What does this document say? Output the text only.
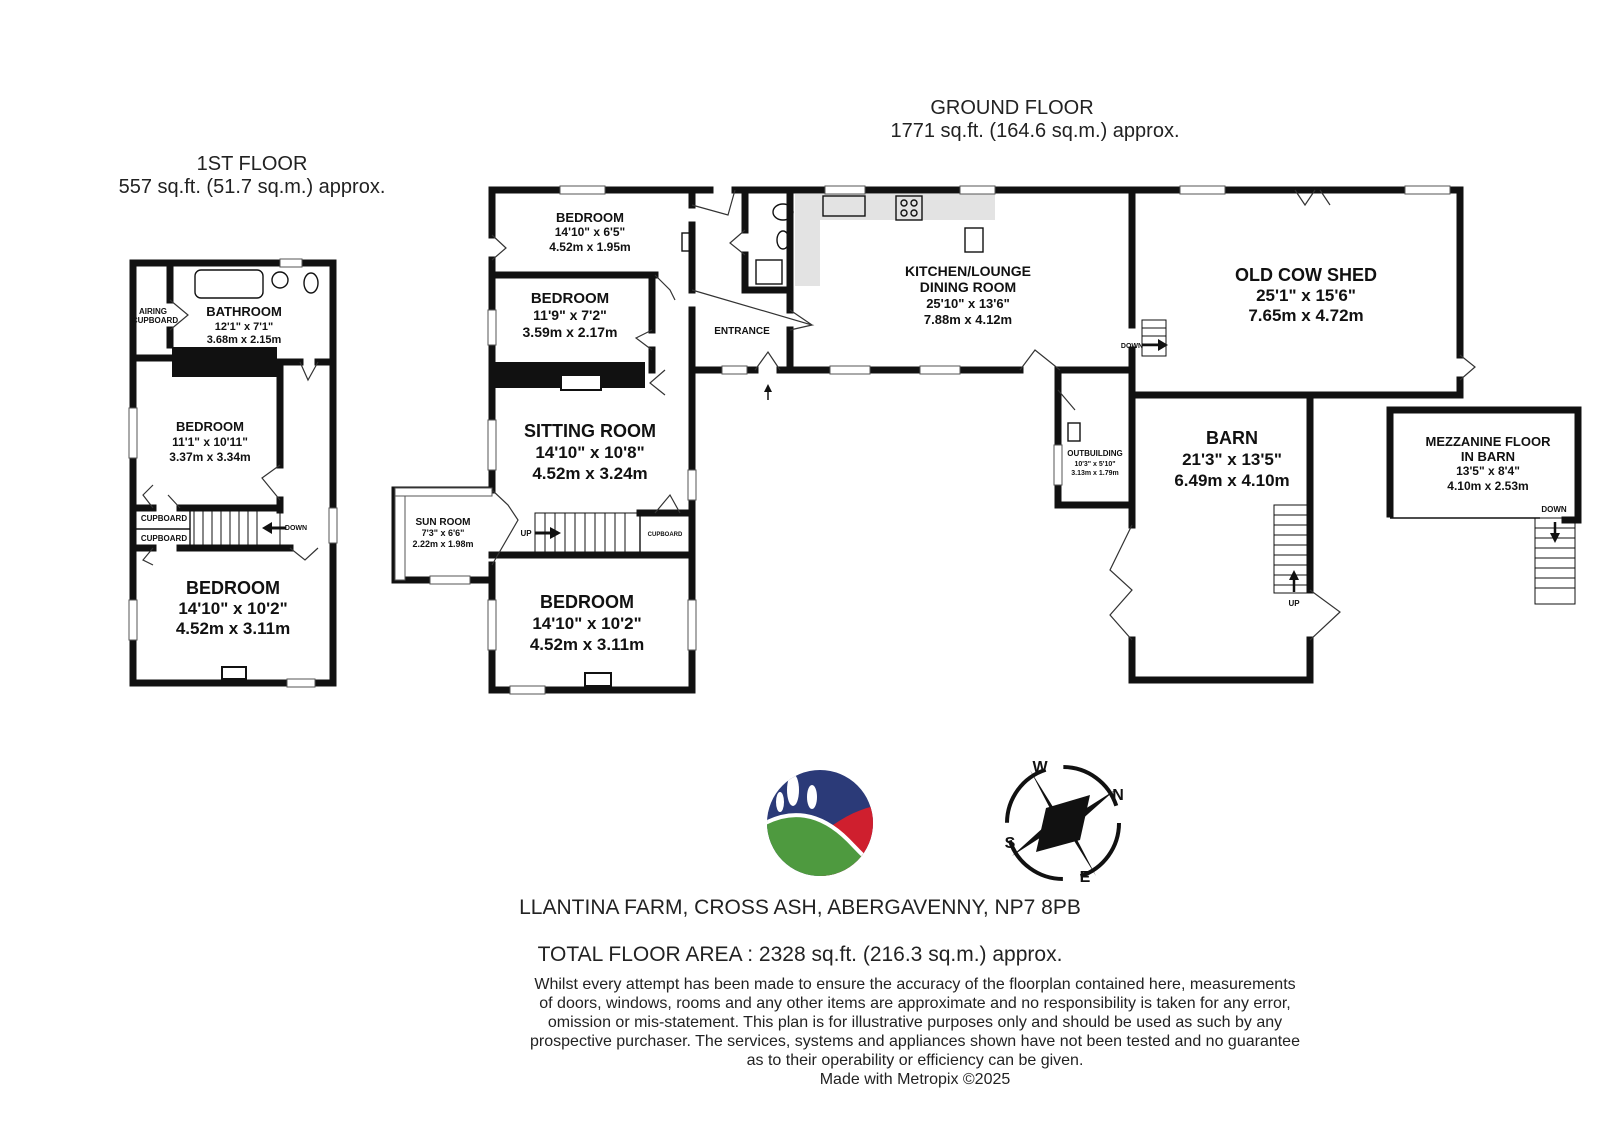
1ST FLOOR
557 sq.ft. (51.7 sq.m.) approx.
GROUND FLOOR
1771 sq.ft. (164.6 sq.m.) approx.
AIRING
CUPBOARD
BATHROOM
12'1" x 7'1"
3.68m x 2.15m
BEDROOM
11'1" x 10'11"
3.37m x 3.34m
CUPBOARD
CUPBOARD
DOWN
BEDROOM
14'10" x 10'2"
4.52m x 3.11m
BEDROOM
14'10" x 6'5"
4.52m x 1.95m
BEDROOM
11'9" x 7'2"
3.59m x 2.17m	ENTRANCE
KITCHEN/LOUNGE
DINING ROOM
25'10" x 13'6"
7.88m x 4.12m
OLD COW SHED
25'1" x 15'6"
7.65m x 4.72m
DOWN
SITTING ROOM
14'10" x 10'8"
4.52m x 3.24m
SUN ROOM
7'3" x 6'6"
2.22m x 1.98m
UP	CUPBOARD
BEDROOM
14'10" x 10'2"
4.52m x 3.11m
OUTBUILDING
10'3" x 5'10"
3.13m x 1.79m
BARN
21'3" x 13'5"
6.49m x 4.10m
UP
MEZZANINE FLOOR
IN BARN
13'5" x 8'4"
4.10m x 2.53m
DOWN
N
E
S
W
LLANTINA FARM, CROSS ASH, ABERGAVENNY, NP7 8PB
TOTAL FLOOR AREA : 2328 sq.ft. (216.3 sq.m.) approx.
Whilst every attempt has been made to ensure the accuracy of the floorplan contained here, measurements
of doors, windows, rooms and any other items are approximate and no responsibility is taken for any error,
omission or mis-statement. This plan is for illustrative purposes only and should be used as such by any
prospective purchaser. The services, systems and appliances shown have not been tested and no guarantee
as to their operability or efficiency can be given.
Made with Metropix ©2025
